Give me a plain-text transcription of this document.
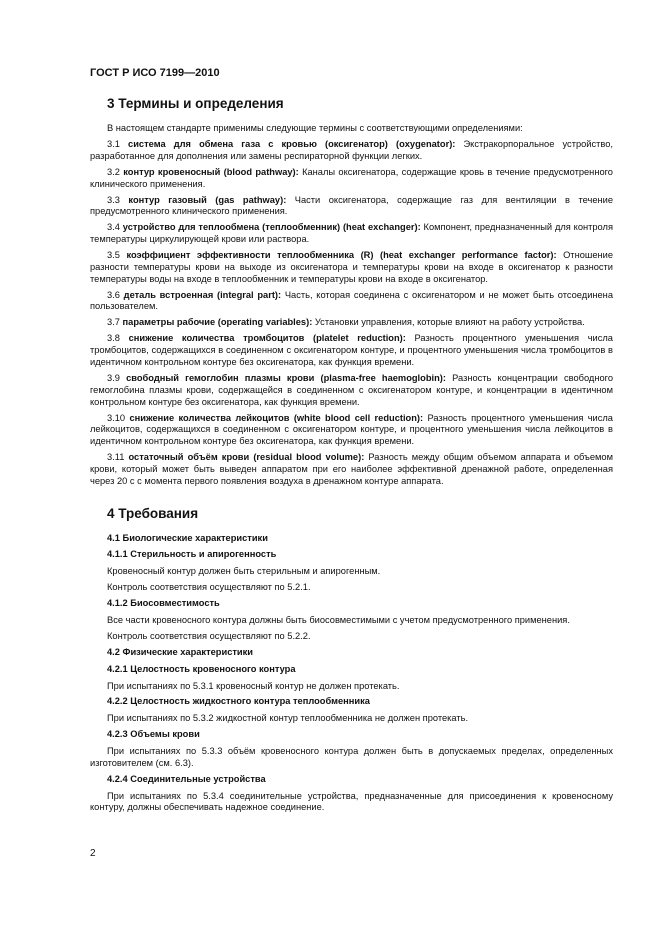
ГОСТ Р ИСО 7199—2010
3 Термины и определения

В настоящем стандарте применимы следующие термины с соответствующими определениями:

3.1 система для обмена газа с кровью (оксигенатор) (oxygenator): Экстракорпоральное устройство, разработанное для дополнения или замены респираторной функции легких.

3.2 контур кровеносный (blood pathway): Каналы оксигенатора, содержащие кровь в течение предусмотренного клинического применения.

3.3 контур газовый (gas pathway): Части оксигенатора, содержащие газ для вентиляции в течение предусмотренного клинического применения.

3.4 устройство для теплообмена (теплообменник) (heat exchanger): Компонент, предназначенный для контроля температуры циркулирующей крови или раствора.

3.5 коэффициент эффективности теплообменника (R) (heat exchanger performance factor): Отношение разности температуры крови на выходе из оксигенатора и температуры крови на входе в оксигенатор к разности температуры воды на входе в теплообменник и температуры крови на входе в оксигенатор.

3.6 деталь встроенная (integral part): Часть, которая соединена с оксигенатором и не может быть отсоединена пользователем.

3.7 параметры рабочие (operating variables): Установки управления, которые влияют на работу устройства.

3.8 снижение количества тромбоцитов (platelet reduction): Разность процентного уменьшения числа тромбоцитов, содержащихся в соединенном с оксигенатором контуре, и процентного уменьшения числа тромбоцитов в идентичном контрольном контуре без оксигенатора, как функция времени.

3.9 свободный гемоглобин плазмы крови (plasma-free haemoglobin): Разность концентрации свободного гемоглобина плазмы крови, содержащейся в соединенном с оксигенатором контуре, и концентрации в идентичном контрольном контуре без оксигенатора, как функция времени.

3.10 снижение количества лейкоцитов (white blood cell reduction): Разность процентного уменьшения числа лейкоцитов, содержащихся в соединенном с оксигенатором контуре, и процентного уменьшения числа лейкоцитов в идентичном контрольном контуре без оксигенатора, как функция времени.

3.11 остаточный объём крови (residual blood volume): Разность между общим объемом аппарата и объемом крови, который может быть выведен аппаратом при его наиболее эффективной дренажной работе, определенная через 20 с с момента первого появления воздуха в дренажном контуре аппарата.

4 Требования
4.1 Биологические характеристики
4.1.1 Стерильность и апирогенность

Кровеносный контур должен быть стерильным и апирогенным.

Контроль соответствия осуществляют по 5.2.1.

4.1.2 Биосовместимость

Все части кровеносного контура должны быть биосовместимыми с учетом предусмотренного применения.

Контроль соответствия осуществляют по 5.2.2.

4.2 Физические характеристики
4.2.1 Целостность кровеносного контура

При испытаниях по 5.3.1 кровеносный контур не должен протекать.

4.2.2 Целостность жидкостного контура теплообменника

При испытаниях по 5.3.2 жидкостной контур теплообменника не должен протекать.

4.2.3 Объемы крови

При испытаниях по 5.3.3 объём кровеносного контура должен быть в допускаемых пределах, определенных изготовителем (см. 6.3).

4.2.4 Соединительные устройства

При испытаниях по 5.3.4 соединительные устройства, предназначенные для присоединения к кровеносному контуру, должны обеспечивать надежное соединение.

2
